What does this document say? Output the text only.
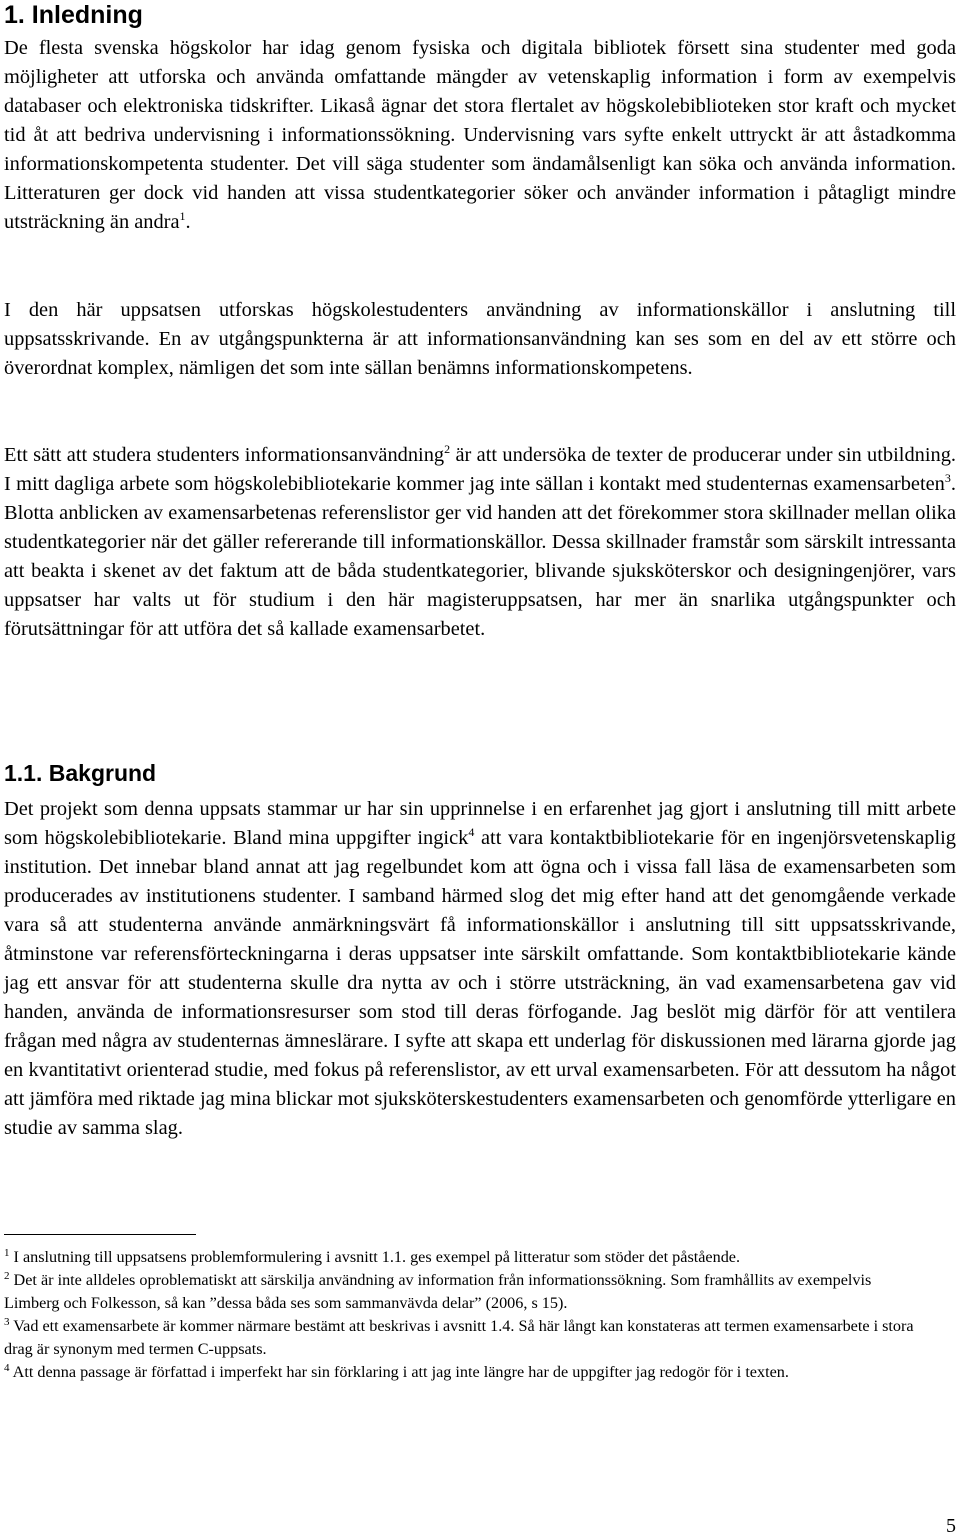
1. Inledning

De flesta svenska högskolor har idag genom fysiska och digitala bibliotek försett sina studenter med goda möjligheter att utforska och använda omfattande mängder av vetenskaplig information i form av exempelvis databaser och elektroniska tidskrifter. Likaså ägnar det stora flertalet av högskolebiblioteken stor kraft och mycket tid åt att bedriva undervisning i informationssökning. Undervisning vars syfte enkelt uttryckt är att åstadkomma informationskompetenta studenter. Det vill säga studenter som ändamålsenligt kan söka och använda information. Litteraturen ger dock vid handen att vissa studentkategorier söker och använder information i påtagligt mindre utsträckning än andra$^1$.

I den här uppsatsen utforskas högskolestudenters användning av informationskällor i anslutning till uppsatsskrivande. En av utgångspunkterna är att informationsanvändning kan ses som en del av ett större och överordnat komplex, nämligen det som inte sällan benämns informationskompetens.

Ett sätt att studera studenters informationsanvändning$^2$ är att undersöka de texter de producerar under sin utbildning. I mitt dagliga arbete som högskolebibliotekarie kommer jag inte sällan i kontakt med studenternas examensarbeten$^3$. Blotta anblicken av examensarbetenas referenslistor ger vid handen att det förekommer stora skillnader mellan olika studentkategorier när det gäller refererande till informationskällor. Dessa skillnader framstår som särskilt intressanta att beakta i skenet av det faktum att de båda studentkategorier, blivande sjuksköterskor och designingenjörer, vars uppsatser har valts ut för studium i den här magisteruppsatsen, har mer än snarlika utgångspunkter och förutsättningar för att utföra det så kallade examensarbetet.

1.1. Bakgrund

Det projekt som denna uppsats stammar ur har sin upprinnelse i en erfarenhet jag gjort i anslutning till mitt arbete som högskolebibliotekarie. Bland mina uppgifter ingick$^4$ att vara kontaktbibliotekarie för en ingenjörsvetenskaplig institution. Det innebar bland annat att jag regelbundet kom att ögna och i vissa fall läsa de examensarbeten som producerades av institutionens studenter. I samband härmed slog det mig efter hand att det genomgående verkade vara så att studenterna använde anmärkningsvärt få informationskällor i anslutning till sitt uppsatsskrivande, åtminstone var referensförteckningarna i deras uppsatser inte särskilt omfattande. Som kontaktbibliotekarie kände jag ett ansvar för att studenterna skulle dra nytta av och i större utsträckning, än vad examensarbetena gav vid handen, använda de informationsresurser som stod till deras förfogande. Jag beslöt mig därför för att ventilera frågan med några av studenternas ämneslärare. I syfte att skapa ett underlag för diskussionen med lärarna gjorde jag en kvantitativt orienterad studie, med fokus på referenslistor, av ett urval examensarbeten. För att dessutom ha något att jämföra med riktade jag mina blickar mot sjuksköterskestudenters examensarbeten och genomförde ytterligare en studie av samma slag.

$^1$ I anslutning till uppsatsens problemformulering i avsnitt 1.1. ges exempel på litteratur som stöder det påstående.

$^2$ Det är inte alldeles oproblematiskt att särskilja användning av information från informationssökning. Som framhållits av exempelvis Limberg och Folkesson, så kan ”dessa båda ses som sammanvävda delar” (2006, s 15).

$^3$ Vad ett examensarbete är kommer närmare bestämt att beskrivas i avsnitt 1.4. Så här långt kan konstateras att termen examensarbete i stora drag är synonym med termen C-uppsats.

$^4$ Att denna passage är författad i imperfekt har sin förklaring i att jag inte längre har de uppgifter jag redogör för i texten.

5
